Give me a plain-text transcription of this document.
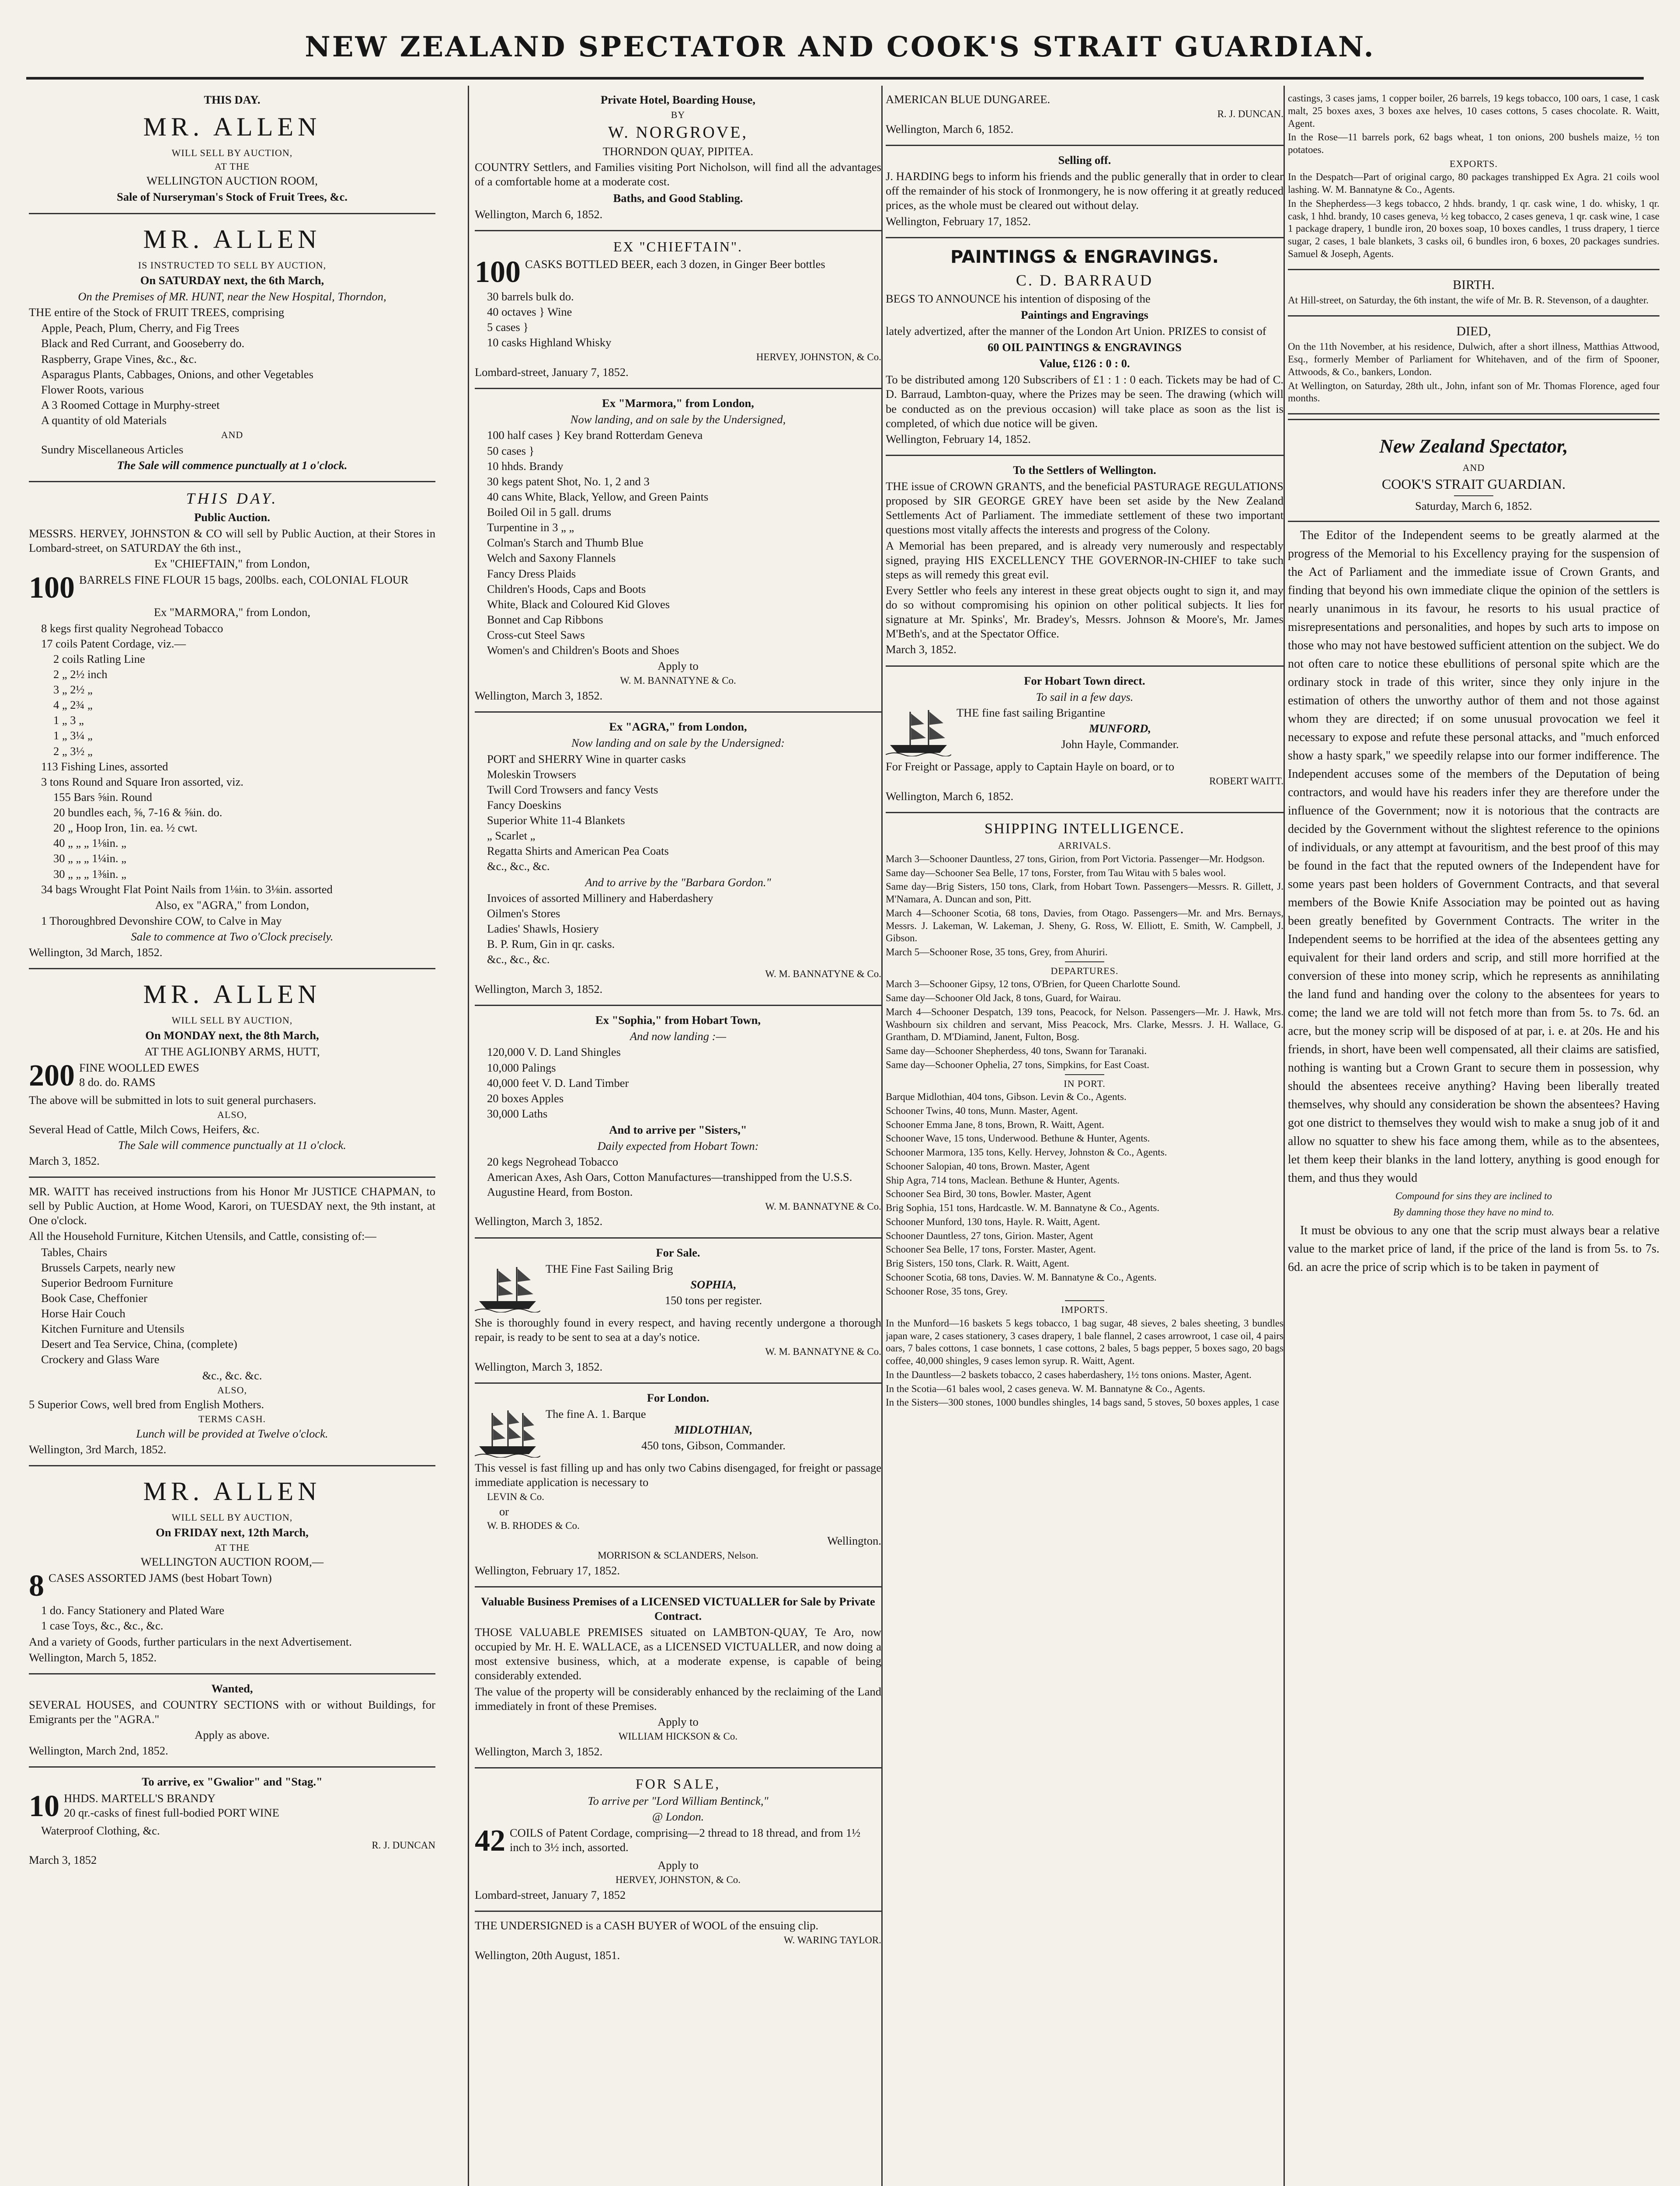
NEW ZEALAND SPECTATOR AND COOK'S STRAIT GUARDIAN.
THIS DAY.
MR. ALLEN
WILL SELL BY AUCTION,
AT THE
WELLINGTON AUCTION ROOM,
Sale of Nurseryman's Stock of Fruit Trees, &c.
MR. ALLEN
IS INSTRUCTED TO SELL BY AUCTION,
On SATURDAY next, the 6th March,
On the Premises of MR. HUNT, near the New Hospital, Thorndon,
THE entire of the Stock of FRUIT TREES, comprising
Apple, Peach, Plum, Cherry, and Fig Trees
Black and Red Currant, and Gooseberry do.
Raspberry, Grape Vines, &c., &c.
Asparagus Plants, Cabbages, Onions, and other Vegetables
Flower Roots, various
A 3 Roomed Cottage in Murphy-street
A quantity of old Materials
AND
Sundry Miscellaneous Articles
The Sale will commence punctually at 1 o'clock.
THIS DAY.
Public Auction.
MESSRS. HERVEY, JOHNSTON & CO will sell by Public Auction, at their Stores in Lombard-street, on SATURDAY the 6th inst.,
Ex "CHIEFTAIN," from London,
100 BARRELS FINE FLOUR 15 bags, 200lbs. each, COLONIAL FLOUR
Ex "MARMORA," from London,
8 kegs first quality Negrohead Tobacco
17 coils Patent Cordage, viz.—
2 coils Ratling Line
2 „ 2½ inch
3 „ 2½ „
4 „ 2¾ „
1 „ 3 „
1 „ 3¼ „
2 „ 3½ „
113 Fishing Lines, assorted
3 tons Round and Square Iron assorted, viz.
155 Bars ⅝in. Round
20 bundles each, ⅝, 7-16 & ⅝in. do.
20 „ Hoop Iron, 1in. ea. ½ cwt.
40 „ „ „ 1⅛in. „
30 „ „ „ 1¼in. „
30 „ „ „ 1⅜in. „
34 bags Wrought Flat Point Nails from 1⅛in. to 3⅛in. assorted
Also, ex "AGRA," from London,
1 Thoroughbred Devonshire COW, to Calve in May
Sale to commence at Two o'Clock precisely.
Wellington, 3d March, 1852.
MR. ALLEN
WILL SELL BY AUCTION,
On MONDAY next, the 8th March,
AT THE AGLIONBY ARMS, HUTT,
200 FINE WOOLLED EWES
8 do. do. RAMS
The above will be submitted in lots to suit general purchasers.
ALSO,
Several Head of Cattle, Milch Cows, Heifers, &c.
The Sale will commence punctually at 11 o'clock.
March 3, 1852.
MR. WAITT has received instructions from his Honor Mr JUSTICE CHAPMAN, to sell by Public Auction, at Home Wood, Karori, on TUESDAY next, the 9th instant, at One o'clock.
All the Household Furniture, Kitchen Utensils, and Cattle, consisting of:—
Tables, Chairs
Brussels Carpets, nearly new
Superior Bedroom Furniture
Book Case, Cheffonier
Horse Hair Couch
Kitchen Furniture and Utensils
Desert and Tea Service, China, (complete)
Crockery and Glass Ware
&c., &c. &c.
ALSO,
5 Superior Cows, well bred from English Mothers.
TERMS CASH.
Lunch will be provided at Twelve o'clock.
Wellington, 3rd March, 1852.
MR. ALLEN
WILL SELL BY AUCTION,
On FRIDAY next, 12th March,
AT THE
WELLINGTON AUCTION ROOM,—
8 CASES ASSORTED JAMS (best Hobart Town)
1 do. Fancy Stationery and Plated Ware
1 case Toys, &c., &c., &c.
And a variety of Goods, further particulars in the next Advertisement.
Wellington, March 5, 1852.
Wanted,
SEVERAL HOUSES, and COUNTRY SECTIONS with or without Buildings, for Emigrants per the "AGRA."
Apply as above.
Wellington, March 2nd, 1852.
To arrive, ex "Gwalior" and "Stag."
10 HHDS. MARTELL'S BRANDY
20 qr.-casks of finest full-bodied PORT WINE
Waterproof Clothing, &c.
R. J. DUNCAN
March 3, 1852
Private Hotel, Boarding House,
BY
W. NORGROVE,
THORNDON QUAY, PIPITEA.
COUNTRY Settlers, and Families visiting Port Nicholson, will find all the advantages of a comfortable home at a moderate cost.
Baths, and Good Stabling.
Wellington, March 6, 1852.
EX "CHIEFTAIN".
100 CASKS BOTTLED BEER, each 3 dozen, in Ginger Beer bottles
30 barrels bulk do.
40 octaves } Wine
5 cases }
10 casks Highland Whisky
HERVEY, JOHNSTON, & Co.
Lombard-street, January 7, 1852.
Ex "Marmora," from London,
Now landing, and on sale by the Undersigned,
100 half cases } Key brand Rotterdam Geneva
50 cases }
10 hhds. Brandy
30 kegs patent Shot, No. 1, 2 and 3
40 cans White, Black, Yellow, and Green Paints
Boiled Oil in 5 gall. drums
Turpentine in 3 „ „
Colman's Starch and Thumb Blue
Welch and Saxony Flannels
Fancy Dress Plaids
Children's Hoods, Caps and Boots
White, Black and Coloured Kid Gloves
Bonnet and Cap Ribbons
Cross-cut Steel Saws
Women's and Children's Boots and Shoes
Apply to
W. M. BANNATYNE & Co.
Wellington, March 3, 1852.
Ex "AGRA," from London,
Now landing and on sale by the Undersigned:
PORT and SHERRY Wine in quarter casks
Moleskin Trowsers
Twill Cord Trowsers and fancy Vests
Fancy Doeskins
Superior White 11-4 Blankets
„ Scarlet „
Regatta Shirts and American Pea Coats
&c., &c., &c.
And to arrive by the "Barbara Gordon."
Invoices of assorted Millinery and Haberdashery
Oilmen's Stores
Ladies' Shawls, Hosiery
B. P. Rum, Gin in qr. casks.
&c., &c., &c.
W. M. BANNATYNE & Co.
Wellington, March 3, 1852.
Ex "Sophia," from Hobart Town,
And now landing :—
120,000 V. D. Land Shingles
10,000 Palings
40,000 feet V. D. Land Timber
20 boxes Apples
30,000 Laths
And to arrive per "Sisters,"
Daily expected from Hobart Town:
20 kegs Negrohead Tobacco
American Axes, Ash Oars, Cotton Manufactures—transhipped from the U.S.S. Augustine Heard, from Boston.
W. M. BANNATYNE & Co.
Wellington, March 3, 1852.
For Sale.
THE Fine Fast Sailing Brig
SOPHIA,
150 tons per register.
She is thoroughly found in every respect, and having recently undergone a thorough repair, is ready to be sent to sea at a day's notice.
W. M. BANNATYNE & Co.
Wellington, March 3, 1852.
For London.
The fine A. 1. Barque
MIDLOTHIAN,
450 tons, Gibson, Commander.
This vessel is fast filling up and has only two Cabins disengaged, for freight or passage immediate application is necessary to
LEVIN & Co.
or
W. B. RHODES & Co.
Wellington.
MORRISON & SCLANDERS, Nelson.
Wellington, February 17, 1852.
Valuable Business Premises of a LICENSED VICTUALLER for Sale by Private Contract.
THOSE VALUABLE PREMISES situated on LAMBTON-QUAY, Te Aro, now occupied by Mr. H. E. WALLACE, as a LICENSED VICTUALLER, and now doing a most extensive business, which, at a moderate expense, is capable of being considerably extended.
The value of the property will be considerably enhanced by the reclaiming of the Land immediately in front of these Premises.
Apply to
WILLIAM HICKSON & Co.
Wellington, March 3, 1852.
FOR SALE,
To arrive per "Lord William Bentinck,"
@ London.
42 COILS of Patent Cordage, comprising—2 thread to 18 thread, and from 1½ inch to 3½ inch, assorted.
Apply to
HERVEY, JOHNSTON, & Co.
Lombard-street, January 7, 1852
THE UNDERSIGNED is a CASH BUYER of WOOL of the ensuing clip.
W. WARING TAYLOR.
Wellington, 20th August, 1851.
AMERICAN BLUE DUNGAREE.
R. J. DUNCAN.
Wellington, March 6, 1852.
Selling off.
J. HARDING begs to inform his friends and the public generally that in order to clear off the remainder of his stock of Ironmongery, he is now offering it at greatly reduced prices, as the whole must be cleared out without delay.
Wellington, February 17, 1852.
PAINTINGS & ENGRAVINGS.
C. D. BARRAUD
BEGS TO ANNOUNCE his intention of disposing of the
Paintings and Engravings
lately advertized, after the manner of the London Art Union. PRIZES to consist of
60 OIL PAINTINGS & ENGRAVINGS
Value, £126 : 0 : 0.
To be distributed among 120 Subscribers of £1 : 1 : 0 each. Tickets may be had of C. D. Barraud, Lambton-quay, where the Prizes may be seen. The drawing (which will be conducted as on the previous occasion) will take place as soon as the list is completed, of which due notice will be given.
Wellington, February 14, 1852.
To the Settlers of Wellington.
THE issue of CROWN GRANTS, and the beneficial PASTURAGE REGULATIONS proposed by SIR GEORGE GREY have been set aside by the New Zealand Settlements Act of Parliament. The immediate settlement of these two important questions most vitally affects the interests and progress of the Colony.
A Memorial has been prepared, and is already very numerously and respectably signed, praying HIS EXCELLENCY THE GOVERNOR-IN-CHIEF to take such steps as will remedy this great evil.
Every Settler who feels any interest in these great objects ought to sign it, and may do so without compromising his opinion on other political subjects. It lies for signature at Mr. Spinks', Mr. Bradey's, Messrs. Johnson & Moore's, Mr. James M'Beth's, and at the Spectator Office.
March 3, 1852.
For Hobart Town direct.
To sail in a few days.
THE fine fast sailing Brigantine
MUNFORD,
John Hayle, Commander.
For Freight or Passage, apply to Captain Hayle on board, or to
ROBERT WAITT.
Wellington, March 6, 1852.
SHIPPING INTELLIGENCE.
ARRIVALS.
March 3—Schooner Dauntless, 27 tons, Girion, from Port Victoria. Passenger—Mr. Hodgson.
Same day—Schooner Sea Belle, 17 tons, Forster, from Tau Witau with 5 bales wool.
Same day—Brig Sisters, 150 tons, Clark, from Hobart Town. Passengers—Messrs. R. Gillett, J. M'Namara, A. Duncan and son, Pitt.
March 4—Schooner Scotia, 68 tons, Davies, from Otago. Passengers—Mr. and Mrs. Bernays, Messrs. J. Lakeman, W. Lakeman, J. Sheny, G. Ross, W. Elliott, E. Smith, W. Campbell, J. Gibson.
March 5—Schooner Rose, 35 tons, Grey, from Ahuriri.
DEPARTURES.
March 3—Schooner Gipsy, 12 tons, O'Brien, for Queen Charlotte Sound.
Same day—Schooner Old Jack, 8 tons, Guard, for Wairau.
March 4—Schooner Despatch, 139 tons, Peacock, for Nelson. Passengers—Mr. J. Hawk, Mrs. Washbourn six children and servant, Miss Peacock, Mrs. Clarke, Messrs. J. H. Wallace, G. Grantham, D. M'Diamind, Janent, Fulton, Bosg.
Same day—Schooner Shepherdess, 40 tons, Swann for Taranaki.
Same day—Schooner Ophelia, 27 tons, Simpkins, for East Coast.
IN PORT.
Barque Midlothian, 404 tons, Gibson. Levin & Co., Agents.
Schooner Twins, 40 tons, Munn. Master, Agent.
Schooner Emma Jane, 8 tons, Brown, R. Waitt, Agent.
Schooner Wave, 15 tons, Underwood. Bethune & Hunter, Agents.
Schooner Marmora, 135 tons, Kelly. Hervey, Johnston & Co., Agents.
Schooner Salopian, 40 tons, Brown. Master, Agent
Ship Agra, 714 tons, Maclean. Bethune & Hunter, Agents.
Schooner Sea Bird, 30 tons, Bowler. Master, Agent
Brig Sophia, 151 tons, Hardcastle. W. M. Bannatyne & Co., Agents.
Schooner Munford, 130 tons, Hayle. R. Waitt, Agent.
Schooner Dauntless, 27 tons, Girion. Master, Agent
Schooner Sea Belle, 17 tons, Forster. Master, Agent.
Brig Sisters, 150 tons, Clark. R. Waitt, Agent.
Schooner Scotia, 68 tons, Davies. W. M. Bannatyne & Co., Agents.
Schooner Rose, 35 tons, Grey.
IMPORTS.
In the Munford—16 baskets 5 kegs tobacco, 1 bag sugar, 48 sieves, 2 bales sheeting, 3 bundles japan ware, 2 cases stationery, 3 cases drapery, 1 bale flannel, 2 cases arrowroot, 1 case oil, 4 pairs oars, 7 bales cottons, 1 case bonnets, 1 case cottons, 2 bales, 5 bags pepper, 5 boxes sago, 20 bags coffee, 40,000 shingles, 9 cases lemon syrup. R. Waitt, Agent.
In the Dauntless—2 baskets tobacco, 2 cases haberdashery, 1½ tons onions. Master, Agent.
In the Scotia—61 bales wool, 2 cases geneva. W. M. Bannatyne & Co., Agents.
In the Sisters—300 stones, 1000 bundles shingles, 14 bags sand, 5 stoves, 50 boxes apples, 1 case
castings, 3 cases jams, 1 copper boiler, 26 barrels, 19 kegs tobacco, 100 oars, 1 case, 1 cask malt, 25 boxes axes, 3 boxes axe helves, 10 cases cottons, 5 cases chocolate. R. Waitt, Agent.
In the Rose—11 barrels pork, 62 bags wheat, 1 ton onions, 200 bushels maize, ½ ton potatoes.
EXPORTS.
In the Despatch—Part of original cargo, 80 packages transhipped Ex Agra. 21 coils wool lashing. W. M. Bannatyne & Co., Agents.
In the Shepherdess—3 kegs tobacco, 2 hhds. brandy, 1 qr. cask wine, 1 do. whisky, 1 qr. cask, 1 hhd. brandy, 10 cases geneva, ½ keg tobacco, 2 cases geneva, 1 qr. cask wine, 1 case 1 package drapery, 1 bundle iron, 20 boxes soap, 10 boxes candles, 1 truss drapery, 1 tierce sugar, 2 cases, 1 bale blankets, 3 casks oil, 6 bundles iron, 6 boxes, 20 packages sundries. Samuel & Joseph, Agents.
BIRTH.
At Hill-street, on Saturday, the 6th instant, the wife of Mr. B. R. Stevenson, of a daughter.
DIED,
On the 11th November, at his residence, Dulwich, after a short illness, Matthias Attwood, Esq., formerly Member of Parliament for Whitehaven, and of the firm of Spooner, Attwoods, & Co., bankers, London.
At Wellington, on Saturday, 28th ult., John, infant son of Mr. Thomas Florence, aged four months.
New Zealand Spectator,
AND
COOK'S STRAIT GUARDIAN.
Saturday, March 6, 1852.
The Editor of the Independent seems to be greatly alarmed at the progress of the Memorial to his Excellency praying for the suspension of the Act of Parliament and the immediate issue of Crown Grants, and finding that beyond his own immediate clique the opinion of the settlers is nearly unanimous in its favour, he resorts to his usual practice of misrepresentations and personalities, and hopes by such arts to impose on those who may not have bestowed sufficient attention on the subject. We do not often care to notice these ebullitions of personal spite which are the ordinary stock in trade of this writer, since they only injure in the estimation of others the unworthy author of them and not those against whom they are directed; if on some unusual provocation we feel it necessary to expose and refute these personal attacks, and "much enforced show a hasty spark," we speedily relapse into our former indifference. The Independent accuses some of the members of the Deputation of being contractors, and would have his readers infer they are therefore under the influence of the Government; now it is notorious that the contracts are decided by the Government without the slightest reference to the opinions of individuals, or any attempt at favouritism, and the best proof of this may be found in the fact that the reputed owners of the Independent have for some years past been holders of Government Contracts, and that several members of the Bowie Knife Association may be pointed out as having been greatly benefited by Government Contracts. The writer in the Independent seems to be horrified at the idea of the absentees getting any equivalent for their land orders and scrip, and still more horrified at the conversion of these into money scrip, which he represents as annihilating the land fund and handing over the colony to the absentees for years to come; the land we are told will not fetch more than from 5s. to 7s. 6d. an acre, but the money scrip will be disposed of at par, i. e. at 20s. He and his friends, in short, have been well compensated, all their claims are satisfied, nothing is wanting but a Crown Grant to secure them in possession, why should the absentees receive anything? Having been liberally treated themselves, why should any consideration be shown the absentees? Having got one district to themselves they would wish to make a snug job of it and allow no squatter to shew his face among them, while as to the absentees, let them keep their blanks in the land lottery, anything is good enough for them, and thus they would
Compound for sins they are inclined to
By damning those they have no mind to.
It must be obvious to any one that the scrip must always bear a relative value to the market price of land, if the price of the land is from 5s. to 7s. 6d. an acre the price of scrip which is to be taken in payment of
